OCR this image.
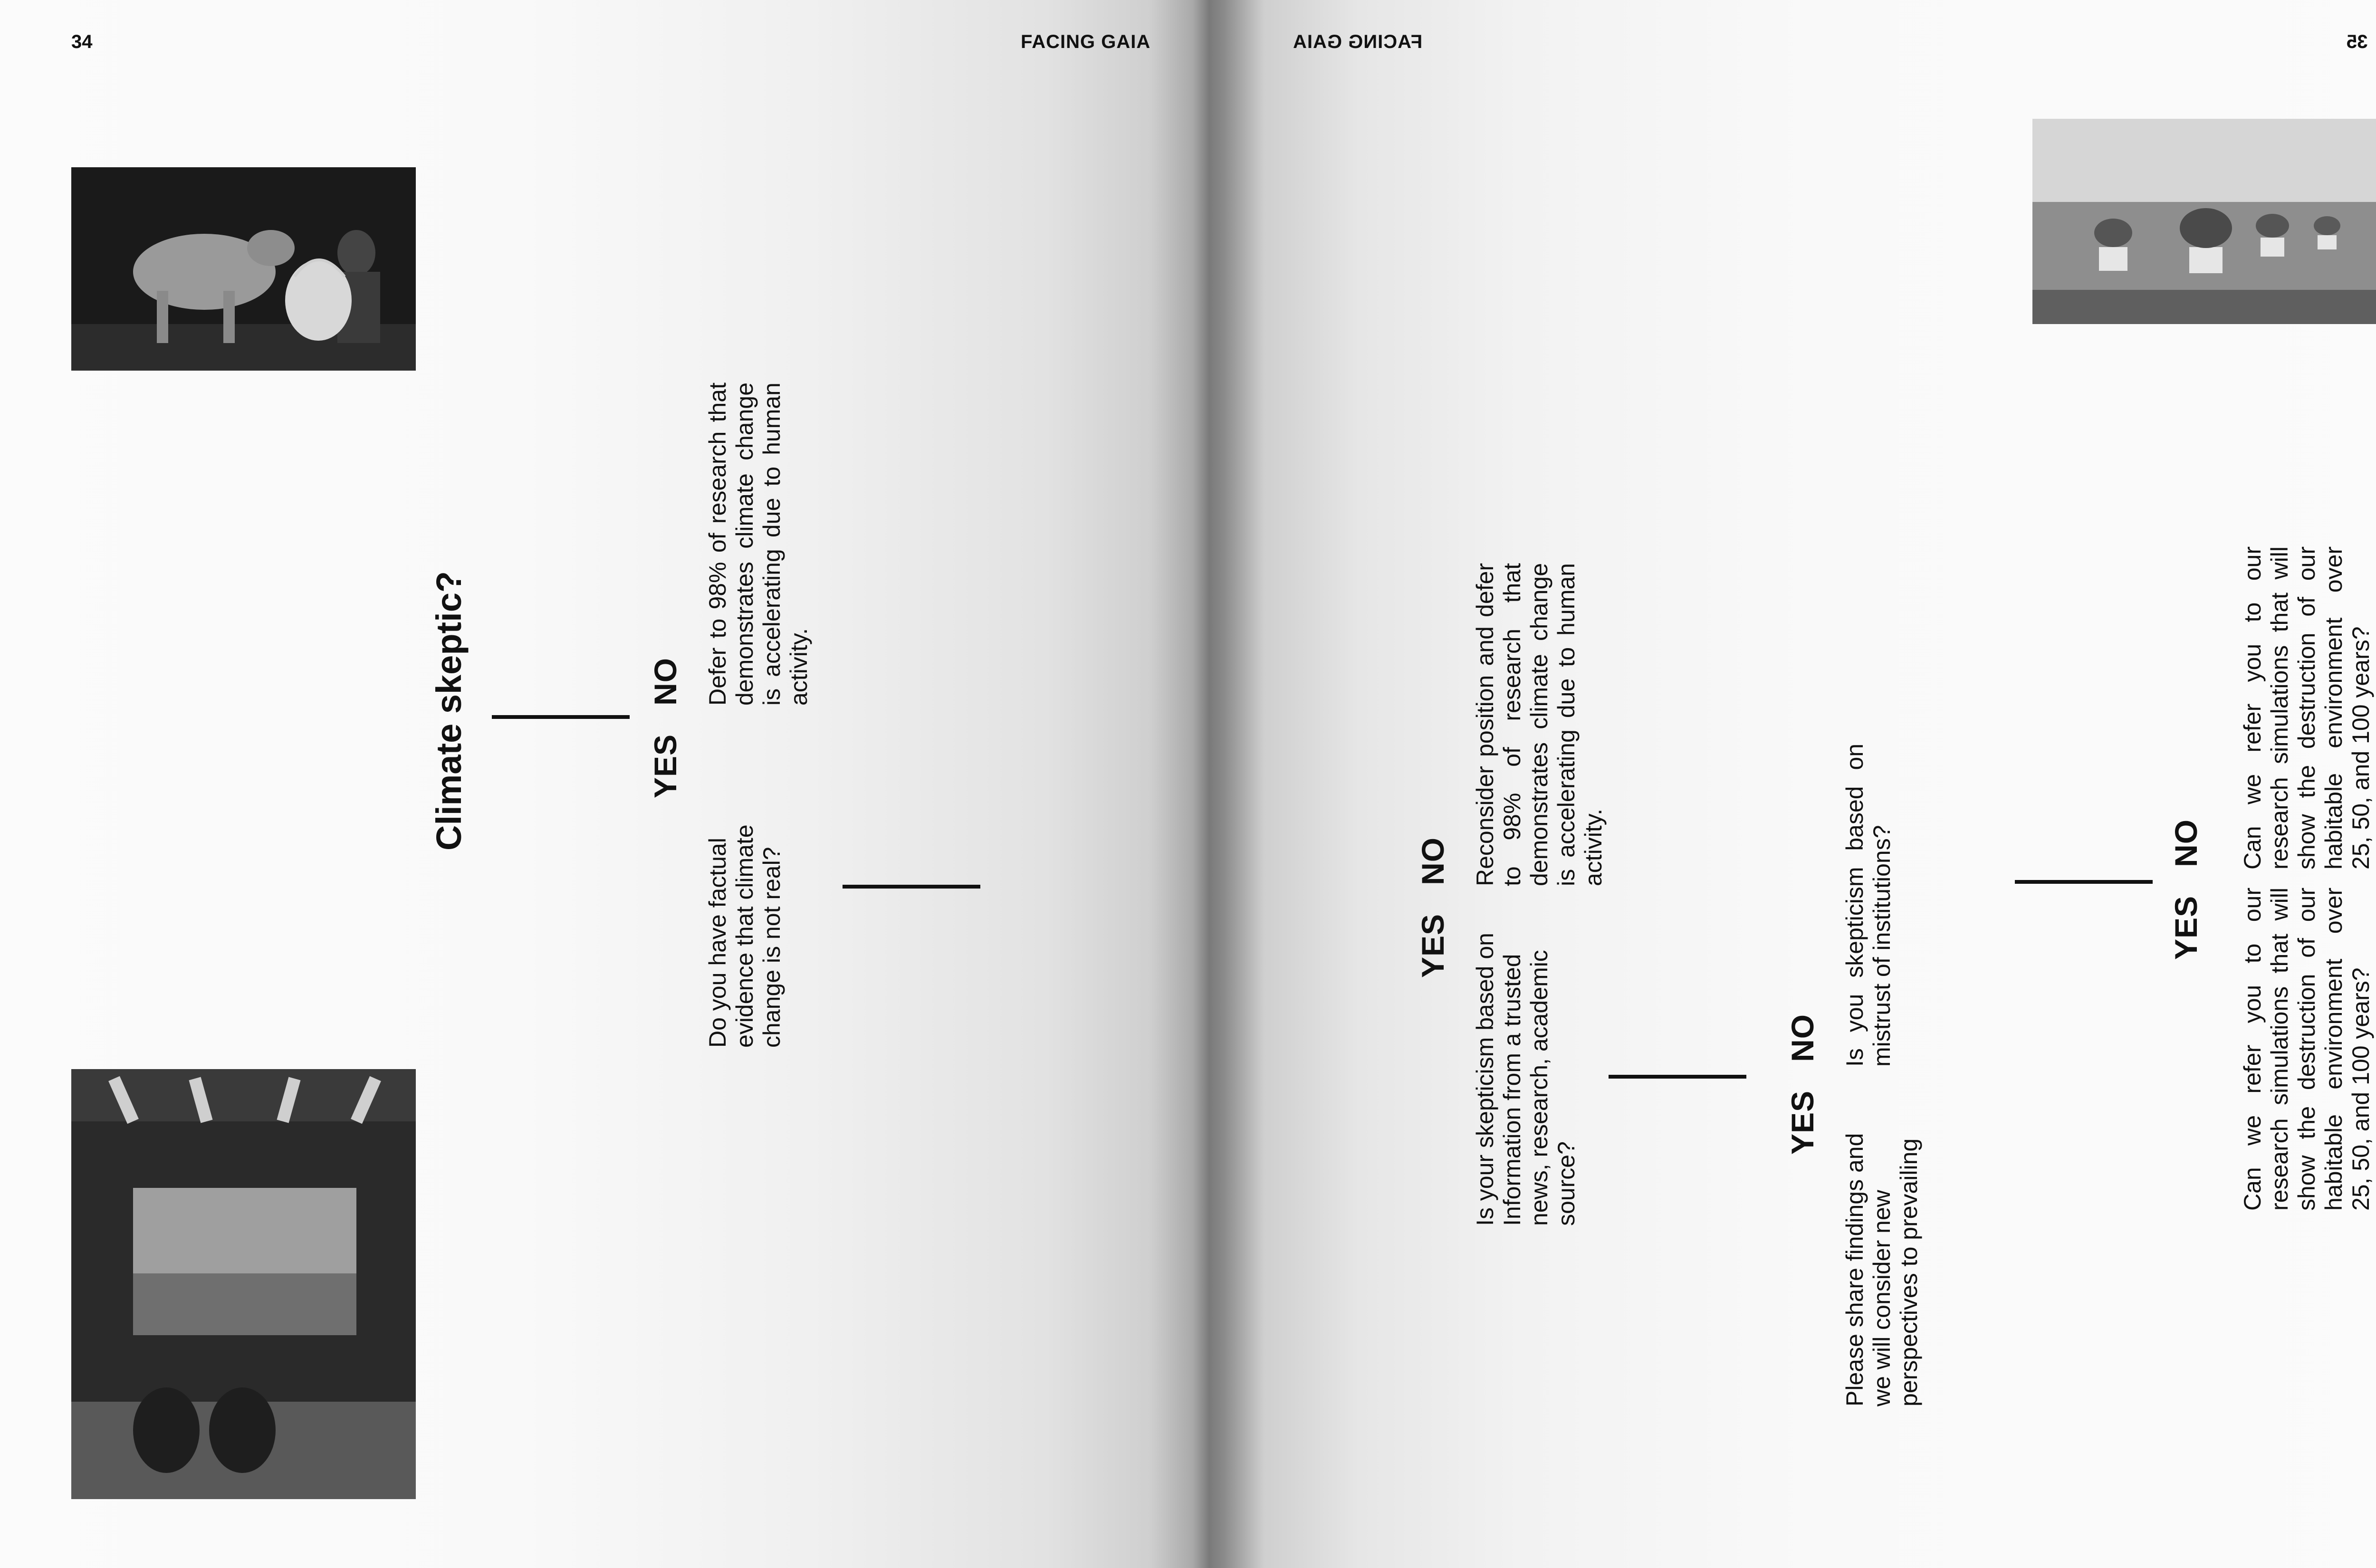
34	FACING GAIA	FACING GAIA	35
Climate skeptic?	YESNO
Do you have factual evidence that climate change is not real?
Defer to 98% of research that demonstrates climate change is accelerating due to human activity.
YESNO
Is your skepticism based on Information from a trusted news, research, academic source?
Reconsider position and defer to 98% of research that demonstrates climate change is accelerating due to human activity.
YESNO
Please share findings and we will consider new perspectives to prevailing
Is you skepticism based on mistrust of institutions?	YESNO
Can we refer you to our research simulations that will show the destruction of our habitable environment over 25, 50, and 100 years?
Can we refer you to our research simulations that will show the destruction of our habitable environment over 25, 50, and 100 years?
